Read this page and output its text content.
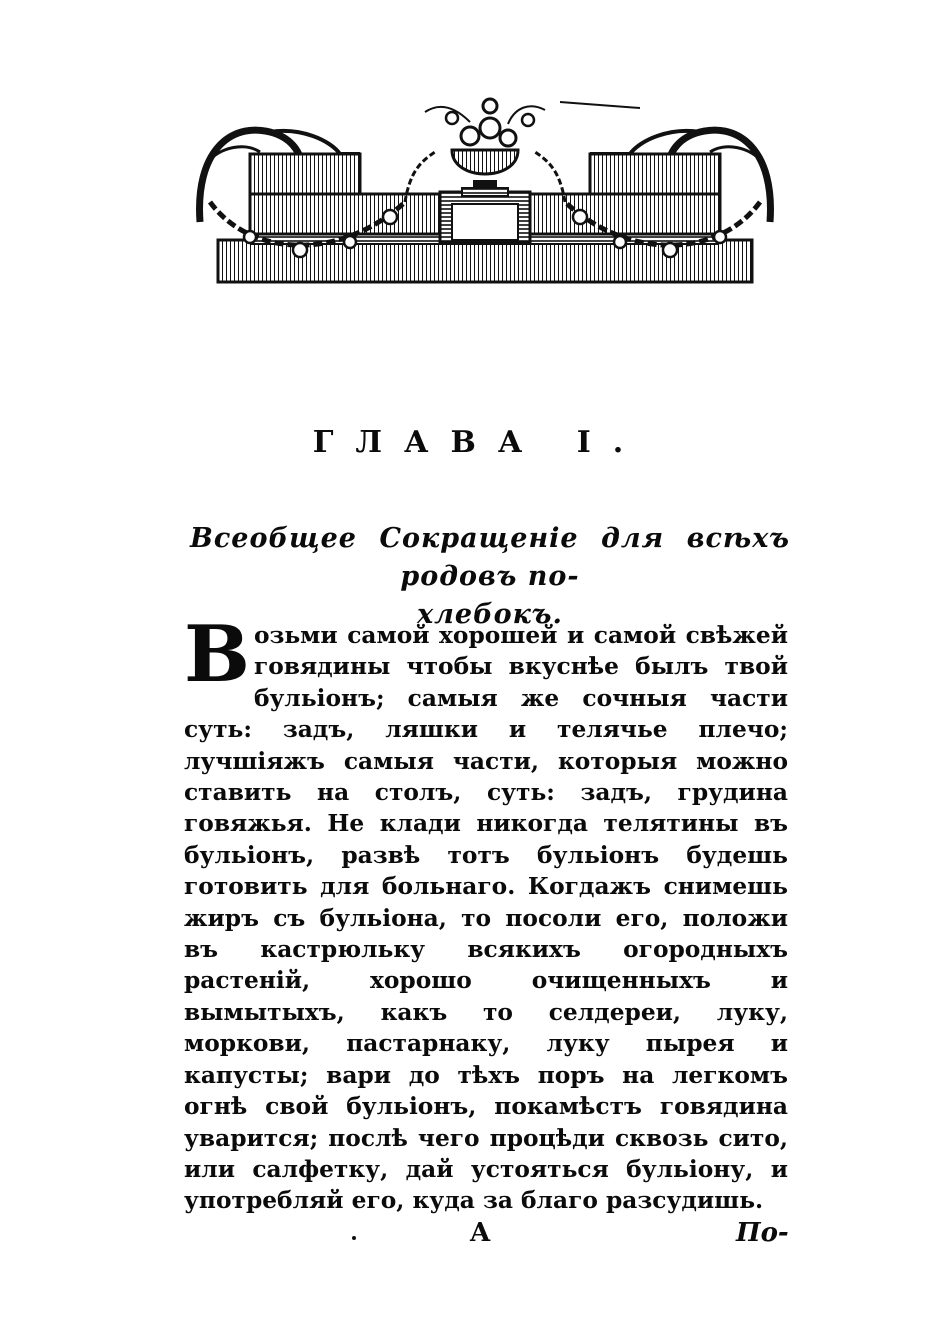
ГЛАВА I.
Всеобщее Сокращеніе для всѣхъ родовъ по-
хлебокъ.

Возьми самой хорошей и самой свѣжей говядины чтобы вкуснѣе былъ твой бульіонъ; самыя же сочныя части суть: задъ, ляшки и телячье плечо; лучшіяжъ самыя части, которыя можно ставить на столъ, суть: задъ, грудина говяжья. Не клади никогда телятины въ бульіонъ, развѣ тотъ бульіонъ будешь готовить для больнаго. Когдажъ снимешь жиръ съ бульіона, то посоли его, положи въ кастрюльку всякихъ огородныхъ растеній, хорошо очищенныхъ и вымытыхъ, какъ то селдереи, луку, моркови, пастарнаку, луку пырея и капусты; вари до тѣхъ поръ на легкомъ огнѣ свой бульіонъ, покамѣстъ говядина уварится; послѣ чего процѣди сквозь сито, или салфетку, дай устояться бульіону, и употребляй его, куда за благо разсудишь.

A	По-
